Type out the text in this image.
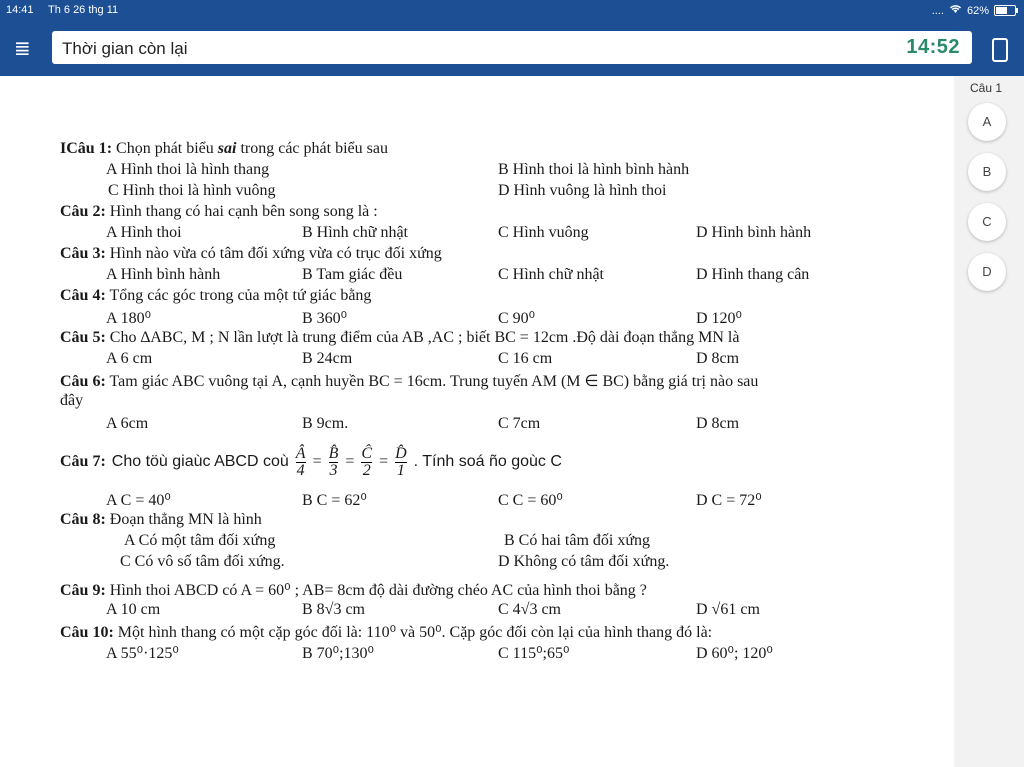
14:41 Th 6 26 thg 11	.... 62%
≣ Thời gian còn lại	14:52
Câu 1
A
B
C
D
ICâu 1: Chọn phát biểu sai trong các phát biểu sau
A Hình thoi là hình thang	B Hình thoi là hình bình hành
C Hình thoi là hình vuông	D Hình vuông là hình thoi
Câu 2: Hình thang có hai cạnh bên song song là :
A Hình thoi	B Hình chữ nhật	C Hình vuông	D Hình bình hành
Câu 3: Hình nào vừa có tâm đối xứng vừa có trục đối xứng
A Hình bình hành	B Tam giác đều	C Hình chữ nhật	D Hình thang cân
Câu 4: Tổng các góc trong của một tứ giác bằng
A 180⁰	B 360⁰	C 90⁰	D 120⁰
Câu 5: Cho ∆ABC, M ; N lần lượt là trung điểm của AB ,AC ; biết BC = 12cm .Độ dài đoạn thẳng MN là
A 6 cm	B 24cm	C 16 cm	D 8cm
Câu 6: Tam giác ABC vuông tại A, cạnh huyền BC = 16cm. Trung tuyến AM (M ∈ BC) bằng giá trị nào sau
đây
A 6cm	B 9cm.	C 7cm	D 8cm
Câu 7: Cho töù giaùc ABCD coù $\frac{Â}{4} = \frac{B̂}{3} = \frac{Ĉ}{2} = \frac{D̂}{1}$ . Tính soá ño goùc C
A C = 40⁰	B C = 62⁰	C C = 60⁰	D C = 72⁰
Câu 8: Đoạn thẳng MN là hình
A Có một tâm đối xứng	B Có hai tâm đối xứng
C Có vô số tâm đối xứng.	D Không có tâm đối xứng.
Câu 9: Hình thoi ABCD có A = 60⁰ ; AB= 8cm độ dài đường chéo AC của hình thoi bằng ?
A 10 cm	B 8√3 cm	C 4√3 cm	D √61 cm
Câu 10: Một hình thang có một cặp góc đối là: 110⁰ và 50⁰. Cặp góc đối còn lại của hình thang đó là:
A 55⁰·125⁰	B 70⁰;130⁰	C 115⁰;65⁰	D 60⁰; 120⁰
